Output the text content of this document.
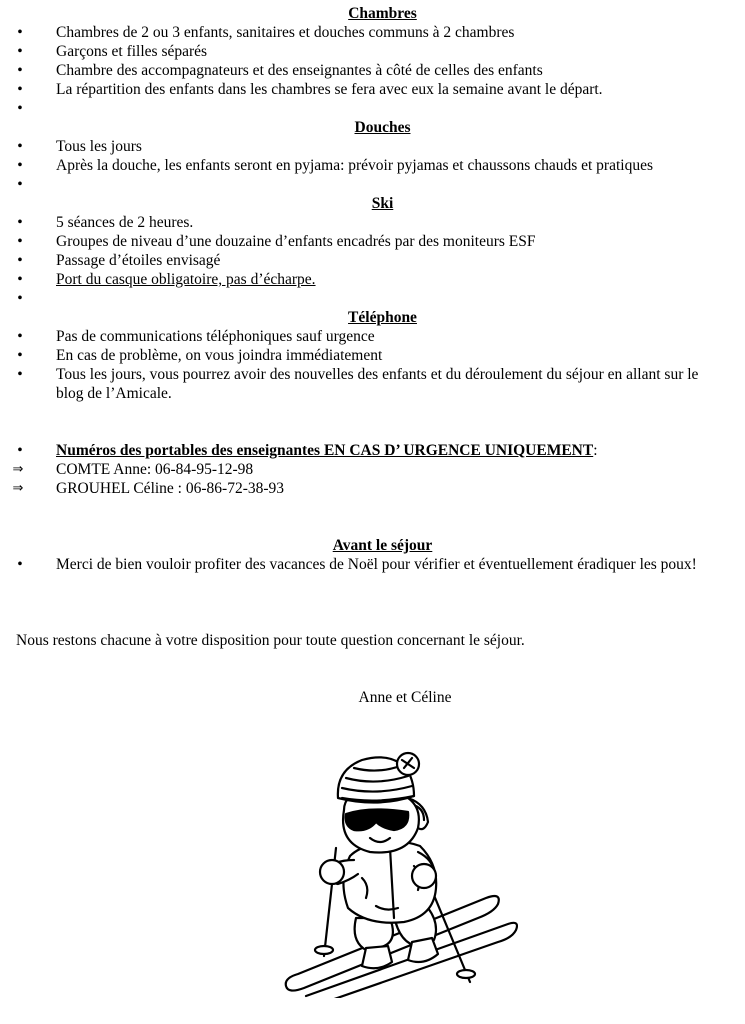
Chambres
• Chambres de 2 ou 3 enfants, sanitaires et douches communs à 2 chambres
• Garçons et filles séparés
• Chambre des accompagnateurs et des enseignantes à côté de celles des enfants
• La répartition des enfants dans les chambres se fera avec eux la semaine avant le départ.
•
Douches
• Tous les jours
• Après la douche, les enfants seront en pyjama: prévoir pyjamas et chaussons chauds et pratiques
•
Ski
• 5 séances de 2 heures.
• Groupes de niveau d’une douzaine d’enfants encadrés par des moniteurs ESF
• Passage d’étoiles envisagé
• Port du casque obligatoire, pas d’écharpe.
•
Téléphone
• Pas de communications téléphoniques sauf urgence
• En cas de problème, on vous joindra immédiatement
• Tous les jours, vous pourrez avoir des nouvelles des enfants et du déroulement du séjour en allant sur le blog de l’Amicale.
• Numéros des portables des enseignantes EN CAS D’ URGENCE UNIQUEMENT:
⇒ COMTE Anne: 06-84-95-12-98
⇒ GROUHEL Céline : 06-86-72-38-93
Avant le séjour
• Merci de bien vouloir profiter des vacances de Noël pour vérifier et éventuellement éradiquer les poux!
Nous restons chacune à votre disposition pour toute question concernant le séjour.
Anne et Céline
